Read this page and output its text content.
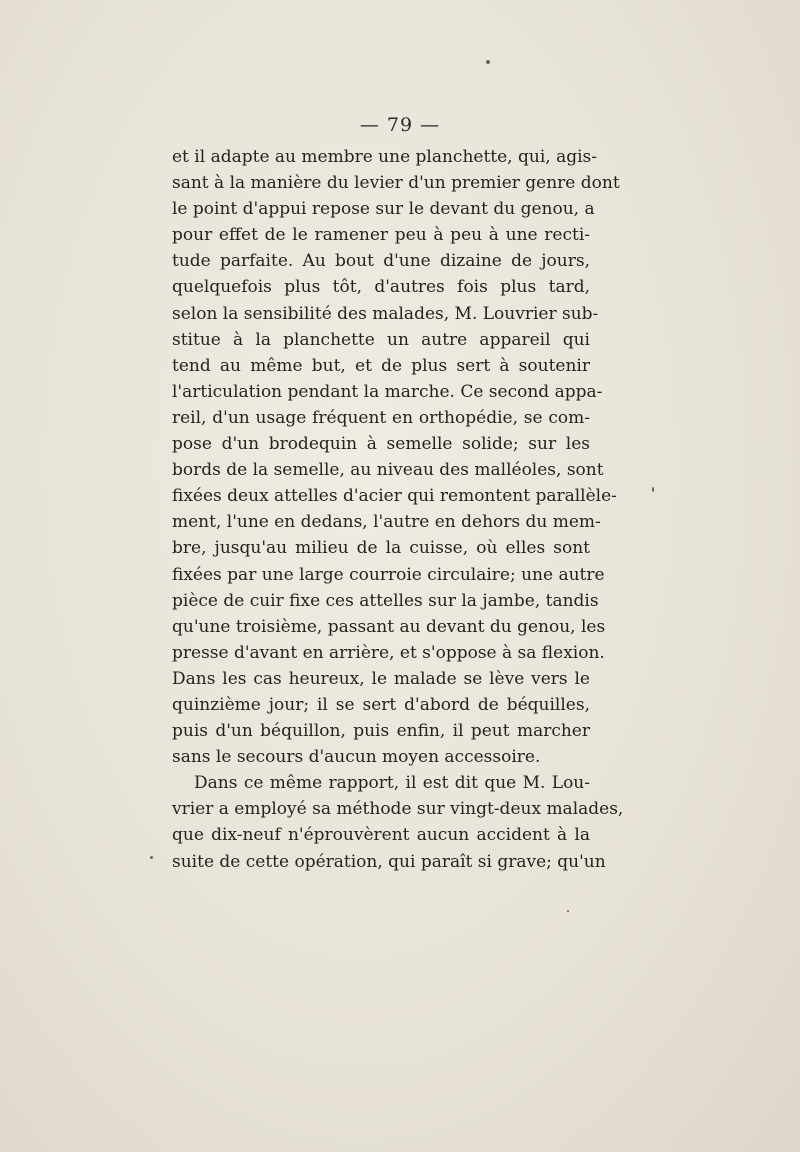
— 79 —
et il adapte au membre une planchette, qui, agis-
sant à la manière du levier d'un premier genre dont
le point d'appui repose sur le devant du genou, a
pour effet de le ramener peu à peu à une recti-
tude parfaite. Au bout d'une dizaine de jours,
quelquefois plus tôt, d'autres fois plus tard,
selon la sensibilité des malades, M. Louvrier sub-
stitue à la planchette un autre appareil qui
tend au même but, et de plus sert à soutenir
l'articulation pendant la marche. Ce second appa-
reil, d'un usage fréquent en orthopédie, se com-
pose d'un brodequin à semelle solide; sur les
bords de la semelle, au niveau des malléoles, sont
fixées deux attelles d'acier qui remontent parallèle-
ment, l'une en dedans, l'autre en dehors du mem-
bre, jusqu'au milieu de la cuisse, où elles sont
fixées par une large courroie circulaire; une autre
pièce de cuir fixe ces attelles sur la jambe, tandis
qu'une troisième, passant au devant du genou, les
presse d'avant en arrière, et s'oppose à sa flexion.
Dans les cas heureux, le malade se lève vers le
quinzième jour; il se sert d'abord de béquilles,
puis d'un béquillon, puis enfin, il peut marcher
sans le secours d'aucun moyen accessoire.
Dans ce même rapport, il est dit que M. Lou-
vrier a employé sa méthode sur vingt-deux malades,
que dix-neuf n'éprouvèrent aucun accident à la
suite de cette opération, qui paraît si grave; qu'un
